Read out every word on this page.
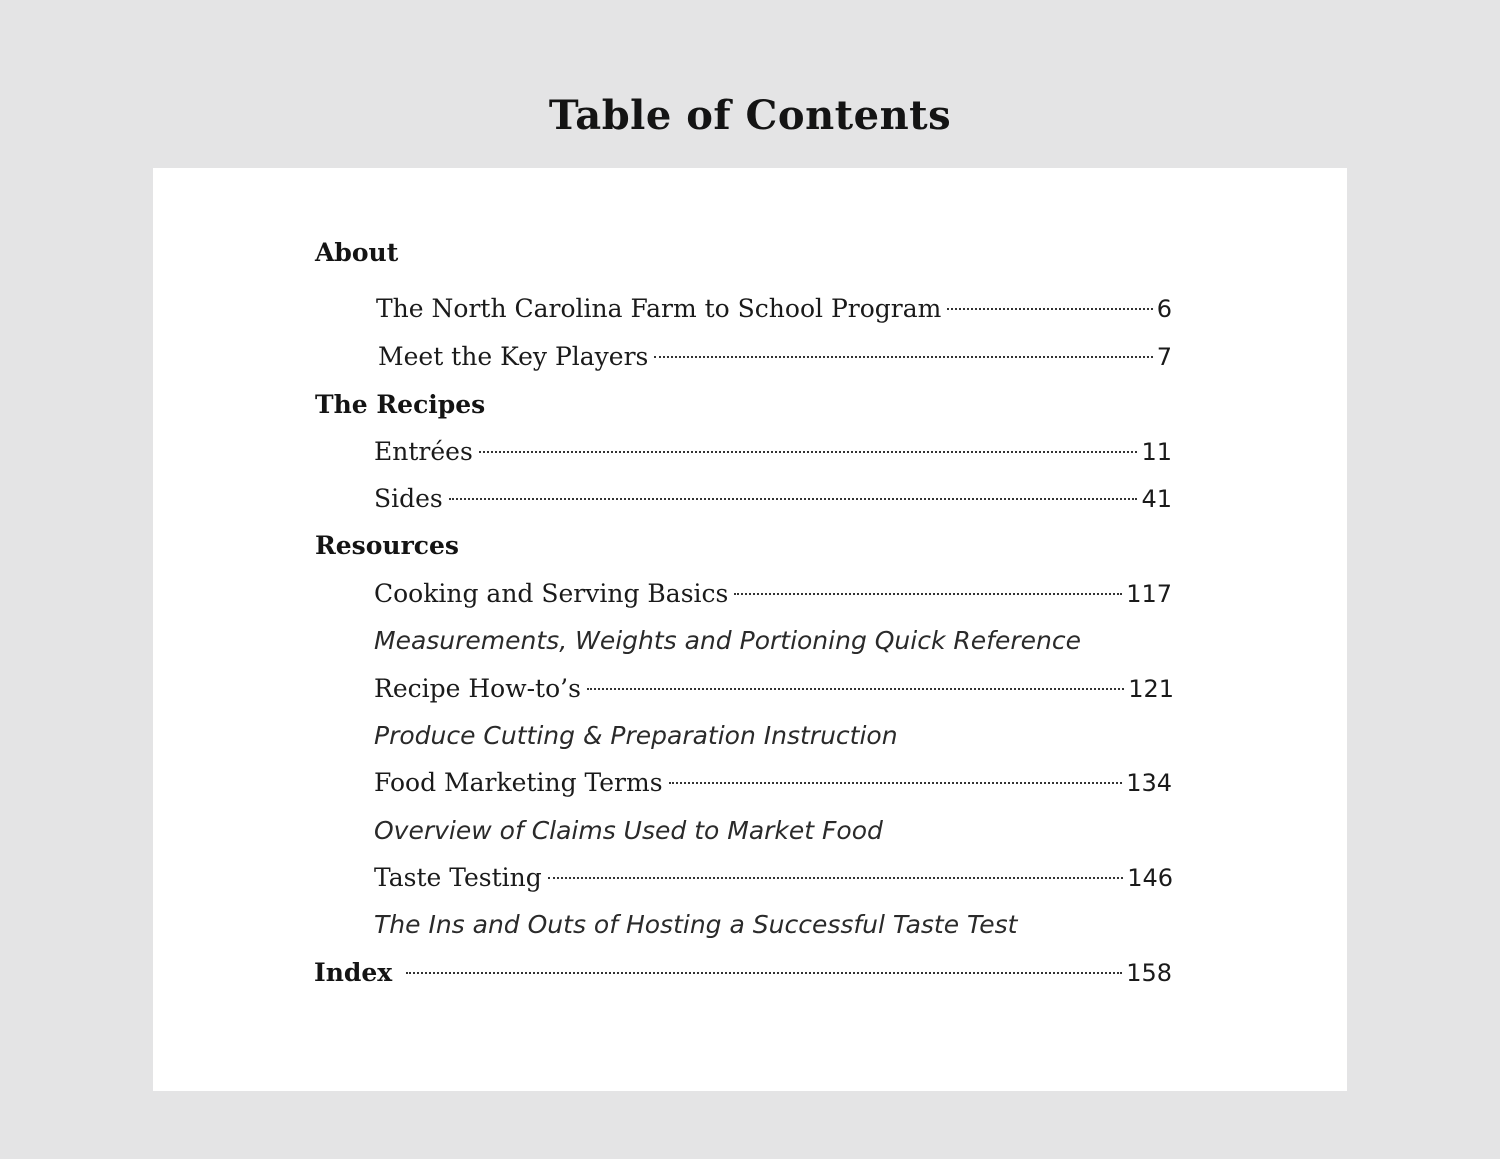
Table of Contents
About
The North Carolina Farm to School Program	6
Meet the Key Players	7
The Recipes
Entrées	11
Sides	41
Resources
Cooking and Serving Basics	117
Measurements, Weights and Portioning Quick Reference
Recipe How-to’s	121
Produce Cutting & Preparation Instruction
Food Marketing Terms	134
Overview of Claims Used to Market Food
Taste Testing	146
The Ins and Outs of Hosting a Successful Taste Test
Index	158
